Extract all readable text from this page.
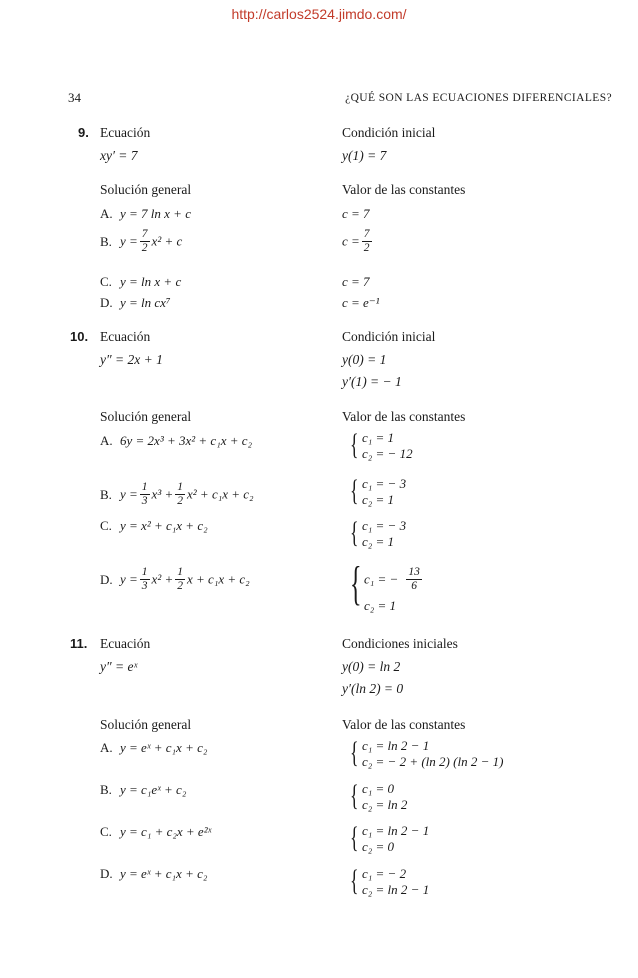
http://carlos2524.jimdo.com/
34	¿QUÉ SON LAS ECUACIONES DIFERENCIALES?
9. Ecuación	Condición inicial
xy′ = 7	y(1) = 7
Solución general	Valor de las constantes
A. y = 7 ln x + c	c = 7
B. $y = \frac{7}{2} x^2 + c$	$c = \frac{7}{2}$
C. y = ln x + c	c = 7
D. y = ln cx⁷	c = e⁻¹
10. Ecuación	Condición inicial
y″ = 2x + 1	y(0) = 1
y′(1) = − 1
Solución general	Valor de las constantes
A. 6y = 2x³ + 3x² + c₁x + c₂	{ c₁ = 1
c₂ = − 12
B. $y = \frac{1}{3} x^3 + \frac{1}{2} x^2 + c_1x + c_2$	{ c₁ = − 3
c₂ = 1
C. y = x² + c₁x + c₂	{ c₁ = − 3
c₂ = 1
D. $y = \frac{1}{3} x^2 + \frac{1}{2}$ x + c₁x + c₂ { c₁ = − $\frac{13}{6}$
c₂ = 1
11. Ecuación	Condiciones iniciales
y″ = eˣ	y(0) = ln 2
y′(ln 2) = 0
Solución general	Valor de las constantes
A. y = eˣ + c₁x + c₂	{ c₁ = ln 2 − 1
c₂ = − 2 + (ln 2) (ln 2 − 1)
B. y = c₁eˣ + c₂	{ c₁ = 0
c₂ = ln 2
C. y = c₁ + c₂x + e²ˣ	{ c₁ = ln 2 − 1
c₂ = 0
D. y = eˣ + c₁x + c₂	{ c₁ = − 2
c₂ = ln 2 − 1
